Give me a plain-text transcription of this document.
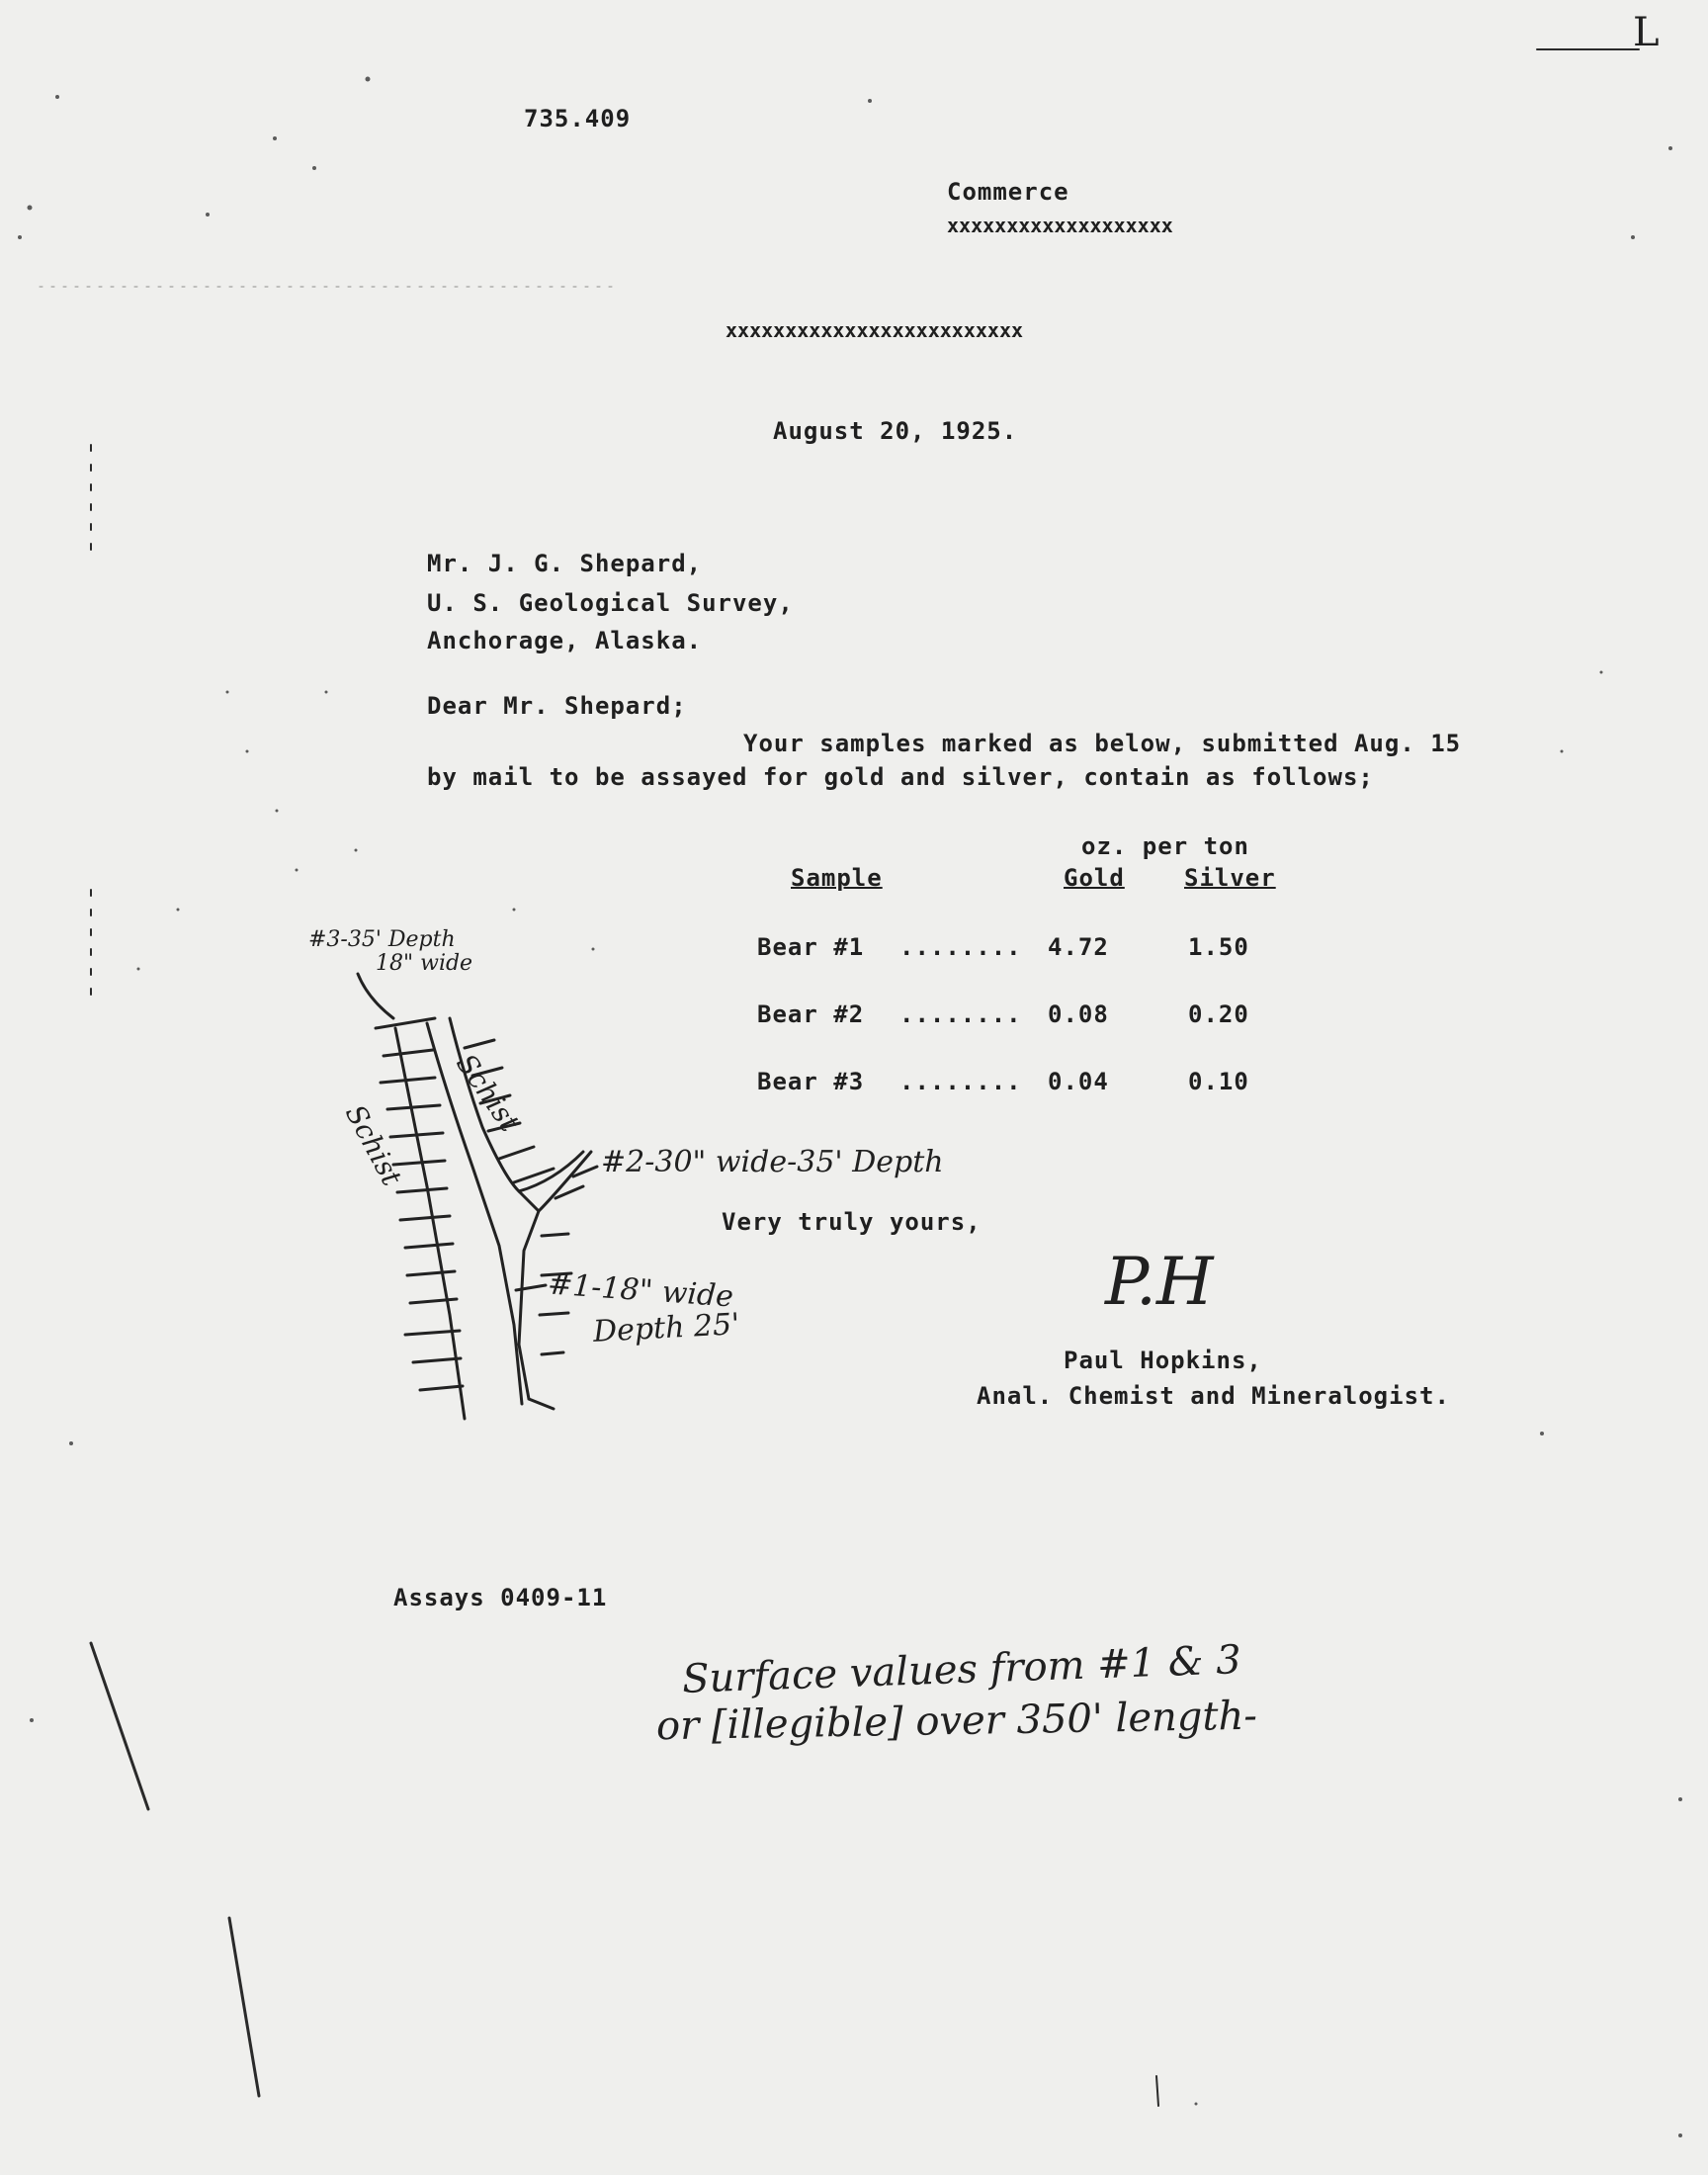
L
735.409
Commerce
xxxxxxxxxxxxxxxxxxx
xxxxxxxxxxxxxxxxxxxxxxxxx
August 20, 1925.
Mr. J. G. Shepard,
U. S. Geological Survey,
Anchorage, Alaska.
Dear Mr. Shepard;
Your samples marked as below, submitted Aug. 15
by mail to be assayed for gold and silver, contain as follows;
oz. per ton
Sample	Gold	Silver
Bear #1 ........ 4.72	1.50
Bear #2 ........ 0.08	0.20
Bear #3 ........ 0.04	0.10
Very truly yours,
P.H
Paul Hopkins,
Anal. Chemist and Mineralogist.
Assays 0409-11
#3-35' Depth
18" wide
Schist
Schist	#2-30" wide-35' Depth
#1-18" wide
Depth 25'
Surface values from #1 & 3
or [illegible] over 350' length-
